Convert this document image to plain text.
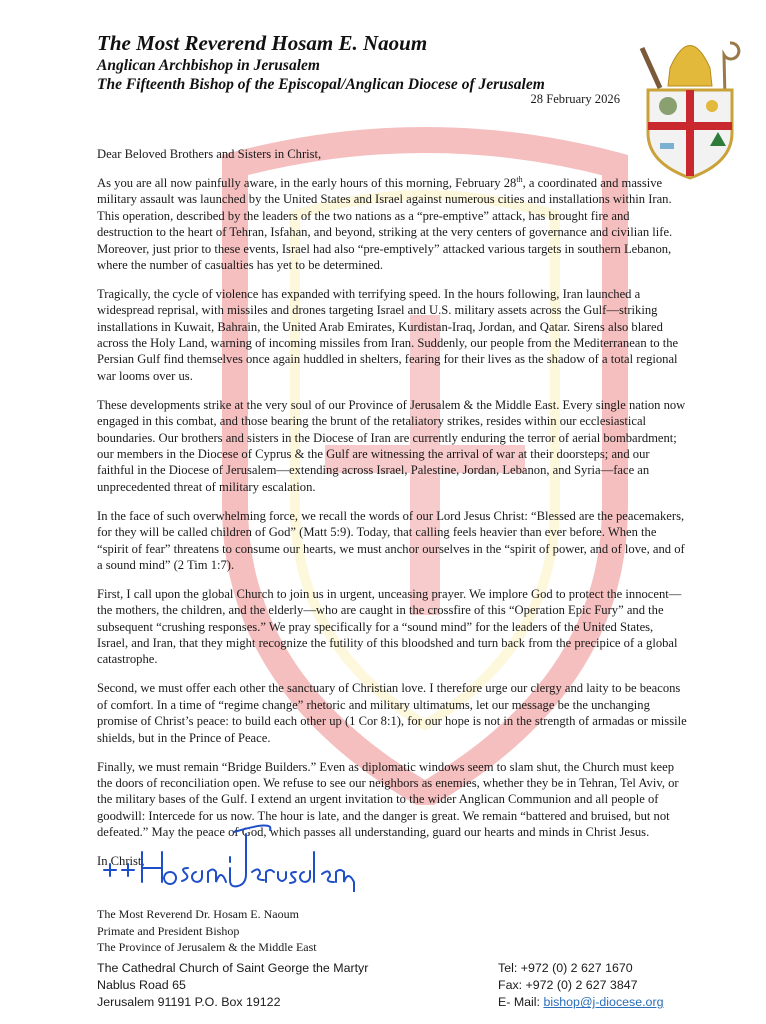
The Most Reverend Hosam E. Naoum
Anglican Archbishop in Jerusalem
The Fifteenth Bishop of the Episcopal/Anglican Diocese of Jerusalem
28 February 2026

Dear Beloved Brothers and Sisters in Christ,

As you are all now painfully aware, in the early hours of this morning, February 28th, a coordinated and massive military assault was launched by the United States and Israel against numerous cities and installations within Iran. This operation, described by the leaders of the two nations as a “pre-emptive” attack, has brought fire and destruction to the heart of Tehran, Isfahan, and beyond, striking at the very centers of governance and civilian life. Moreover, just prior to these events, Israel had also “pre-emptively” attacked various targets in southern Lebanon, where the number of casualties has yet to be determined.

Tragically, the cycle of violence has expanded with terrifying speed. In the hours following, Iran launched a widespread reprisal, with missiles and drones targeting Israel and U.S. military assets across the Gulf—striking installations in Kuwait, Bahrain, the United Arab Emirates, Kurdistan-Iraq, Jordan, and Qatar. Sirens also blared across the Holy Land, warning of incoming missiles from Iran. Suddenly, our people from the Mediterranean to the Persian Gulf find themselves once again huddled in shelters, fearing for their lives as the shadow of a total regional war looms over us.

These developments strike at the very soul of our Province of Jerusalem & the Middle East. Every single nation now engaged in this combat, and those bearing the brunt of the retaliatory strikes, resides within our ecclesiastical boundaries. Our brothers and sisters in the Diocese of Iran are currently enduring the terror of aerial bombardment; our members in the Diocese of Cyprus & the Gulf are witnessing the arrival of war at their doorsteps; and our faithful in the Diocese of Jerusalem—extending across Israel, Palestine, Jordan, Lebanon, and Syria—face an unprecedented threat of military escalation.

In the face of such overwhelming force, we recall the words of our Lord Jesus Christ: “Blessed are the peacemakers, for they will be called children of God” (Matt 5:9). Today, that calling feels heavier than ever before. When the “spirit of fear” threatens to consume our hearts, we must anchor ourselves in the “spirit of power, and of love, and of a sound mind” (2 Tim 1:7).

First, I call upon the global Church to join us in urgent, unceasing prayer. We implore God to protect the innocent—the mothers, the children, and the elderly—who are caught in the crossfire of this “Operation Epic Fury” and the subsequent “crushing responses.” We pray specifically for a “sound mind” for the leaders of the United States, Israel, and Iran, that they might recognize the futility of this bloodshed and turn back from the precipice of a global catastrophe.

Second, we must offer each other the sanctuary of Christian love. I therefore urge our clergy and laity to be beacons of comfort. In a time of “regime change” rhetoric and military ultimatums, let our message be the unchanging promise of Christ’s peace: to build each other up (1 Cor 8:1), for our hope is not in the strength of armadas or missile shields, but in the Prince of Peace.

Finally, we must remain “Bridge Builders.” Even as diplomatic windows seem to slam shut, the Church must keep the doors of reconciliation open. We refuse to see our neighbors as enemies, whether they be in Tehran, Tel Aviv, or the military bases of the Gulf. I extend an urgent invitation to the wider Anglican Communion and all people of goodwill: Intercede for us now. The hour is late, and the danger is great. We remain “battered and bruised, but not defeated.” May the peace of God, which passes all understanding, guard our hearts and minds in Christ Jesus.

In Christ,

The Most Reverend Dr. Hosam E. Naoum
Primate and President Bishop
The Province of Jerusalem & the Middle East
The Cathedral Church of Saint George the Martyr
Nablus Road 65
Jerusalem 91191 P.O. Box 19122
Tel: +972 (0) 2 627 1670
Fax: +972 (0) 2 627 3847
E- Mail: bishop@j-diocese.org
